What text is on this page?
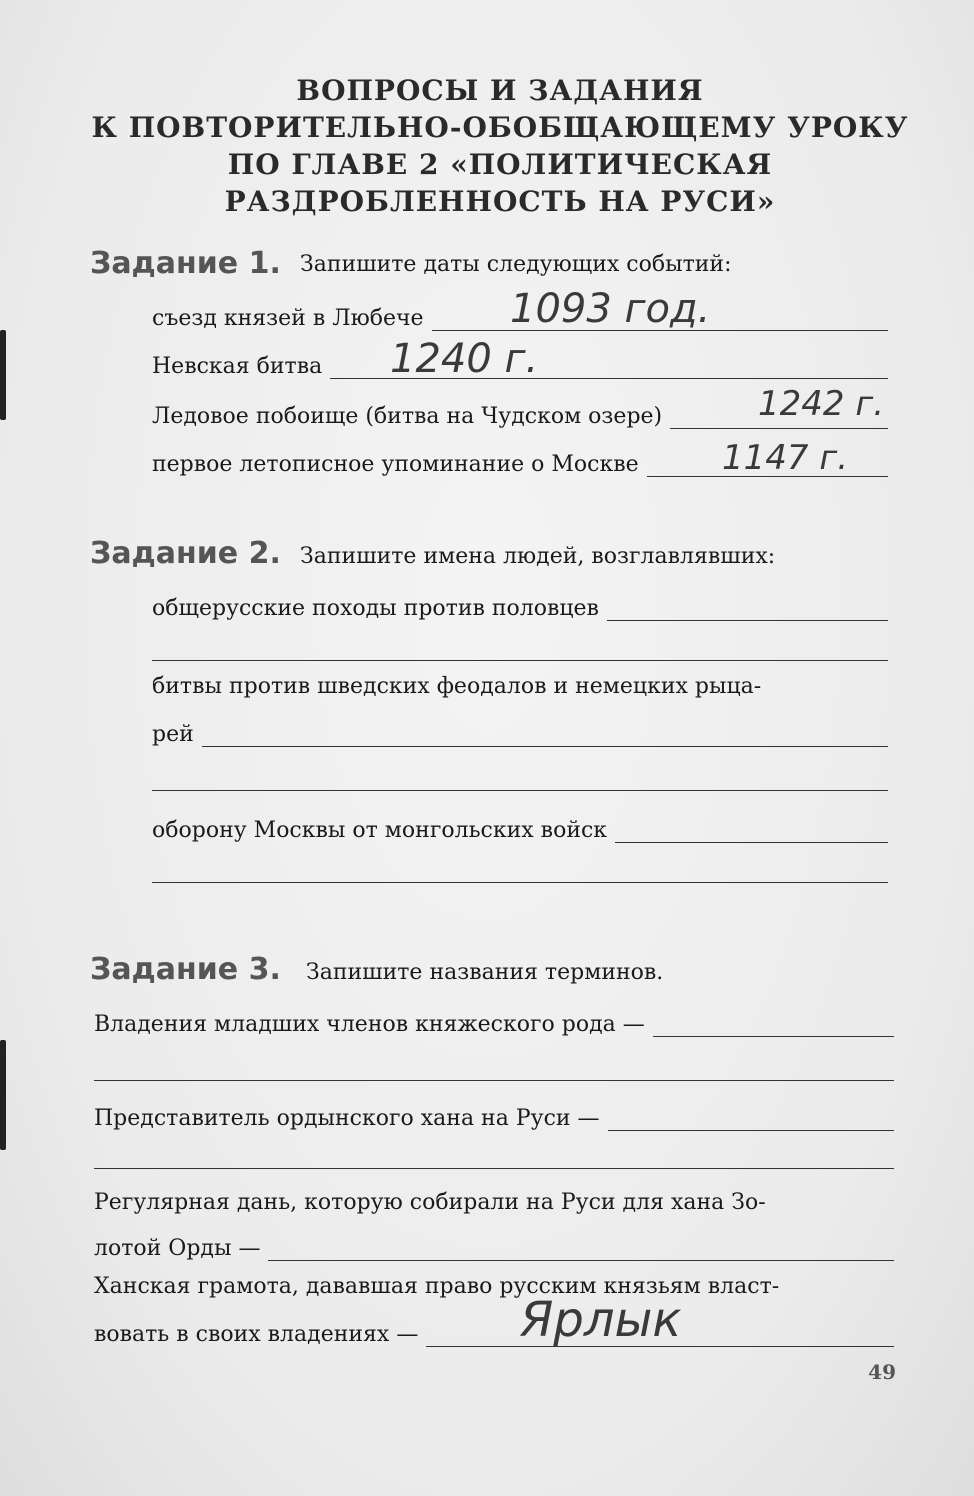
ВОПРОСЫ И ЗАДАНИЯ
К ПОВТОРИТЕЛЬНО-ОБОБЩАЮЩЕМУ УРОКУ
ПО ГЛАВЕ 2 «ПОЛИТИЧЕСКАЯ
РАЗДРОБЛЕННОСТЬ НА РУСИ»
Задание 1. Запишите даты следующих событий:
съезд князей в Любече 1093 год.
Невская битва 1240 г.
Ледовое побоище (битва на Чудском озере)	1242 г.
первое летописное упоминание о Москве 1147 г.
Задание 2. Запишите имена людей, возглавлявших:
общерусские походы против половцев
битвы против шведских феодалов и немецких рыца-
рей
оборону Москвы от монгольских войск
Задание 3. Запишите названия терминов.
Владения младших членов княжеского рода —
Представитель ордынского хана на Руси —
Регулярная дань, которую собирали на Руси для хана Зо-
лотой Орды —
Ханская грамота, дававшая право русским князьям власт-
вовать в своих владениях — Ярлык
49
